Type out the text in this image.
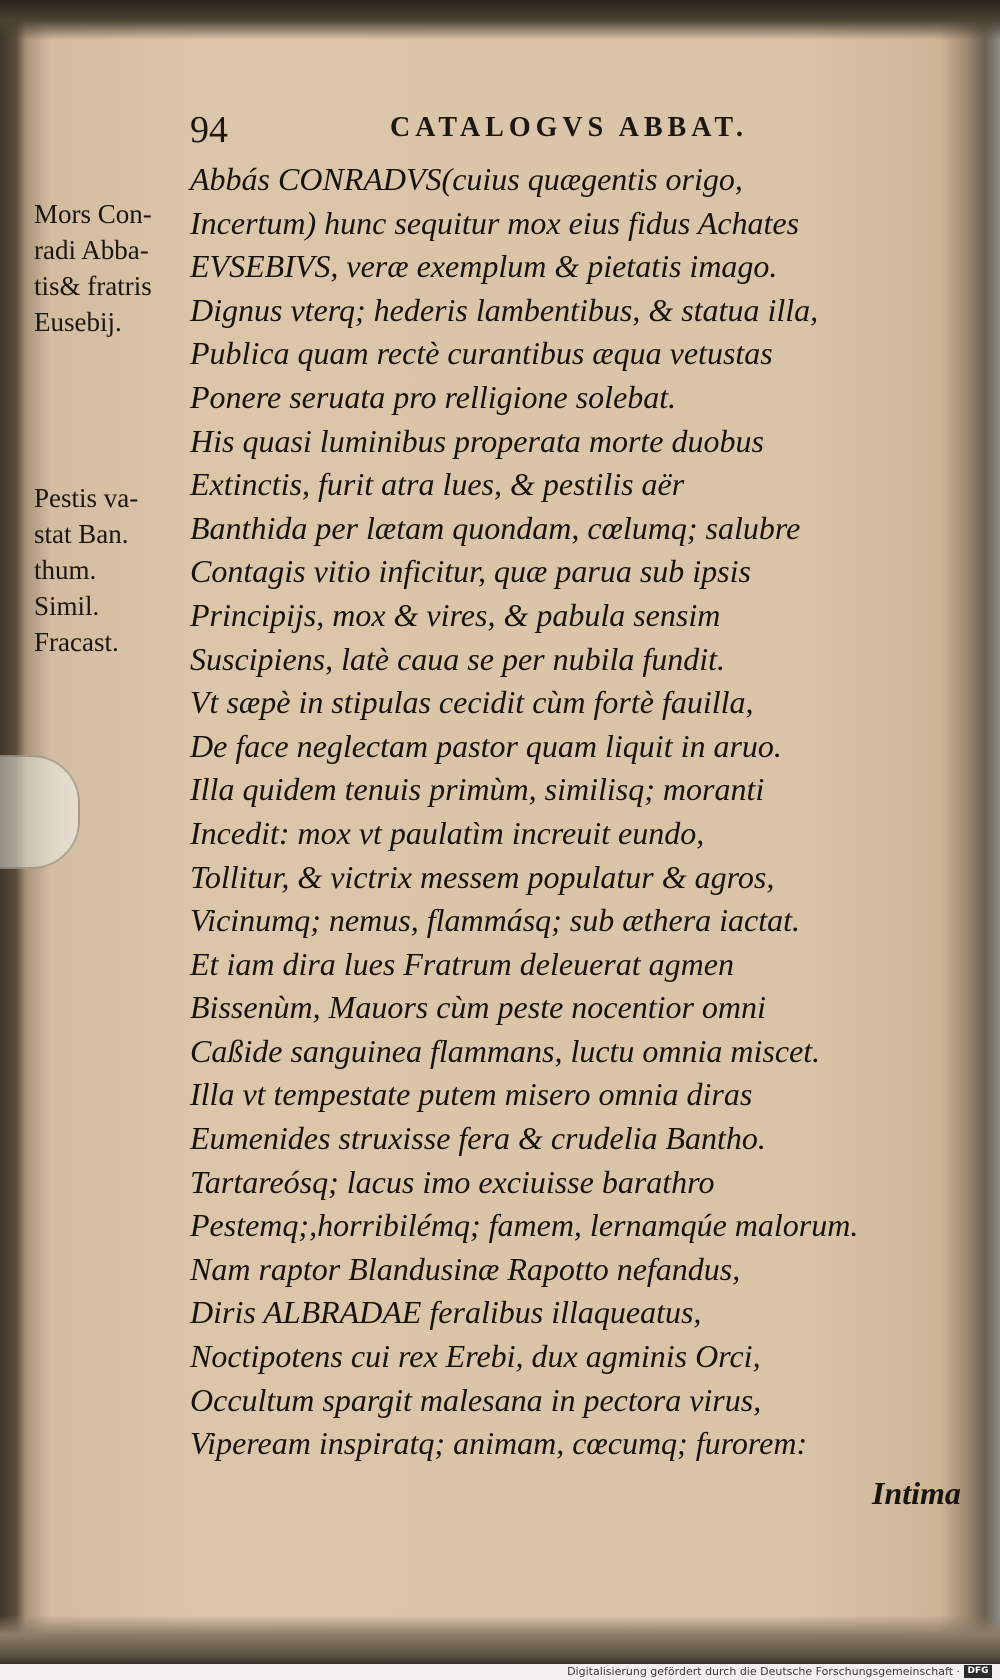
94	CATALOGVS ABBAT.
Mors Con-
radi Abba-
tis& fratris
Eusebij.
Pestis va-
stat Ban.
thum.
Simil.
Fracast.
Abbás CONRADVS(cuius quægentis origo,
Incertum) hunc sequitur mox eius fidus Achates
EVSEBIVS, veræ exemplum & pietatis imago.
Dignus vterq; hederis lambentibus, & statua illa,
Publica quam rectè curantibus æqua vetustas
Ponere seruata pro relligione solebat.
His quasi luminibus properata morte duobus
Extinctis, furit atra lues, & pestilis aër
Banthida per lætam quondam, cœlumq; salubre
Contagis vitio inficitur, quæ parua sub ipsis
Principijs, mox & vires, & pabula sensim
Suscipiens, latè caua se per nubila fundit.
Vt sæpè in stipulas cecidit cùm fortè fauilla,
De face neglectam pastor quam liquit in aruo.
Illa quidem tenuis primùm, similisq; moranti
Incedit: mox vt paulatìm increuit eundo,
Tollitur, & victrix messem populatur & agros,
Vicinumq; nemus, flammásq; sub æthera iactat.
Et iam dira lues Fratrum deleuerat agmen
Bissenùm, Mauors cùm peste nocentior omni
Caßide sanguinea flammans, luctu omnia miscet.
Illa vt tempestate putem misero omnia diras
Eumenides struxisse fera & crudelia Bantho.
Tartareósq; lacus imo exciuisse barathro
Pestemq;,horribilémq; famem, lernamqúe malorum.
Nam raptor Blandusinæ Rapotto nefandus,
Diris ALBRADAE feralibus illaqueatus,
Noctipotens cui rex Erebi, dux agminis Orci,
Occultum spargit malesana in pectora virus,
Vipeream inspiratq; animam, cœcumq; furorem:
Intima
Digitalisierung gefördert durch die Deutsche Forschungsgemeinschaft · DFG
